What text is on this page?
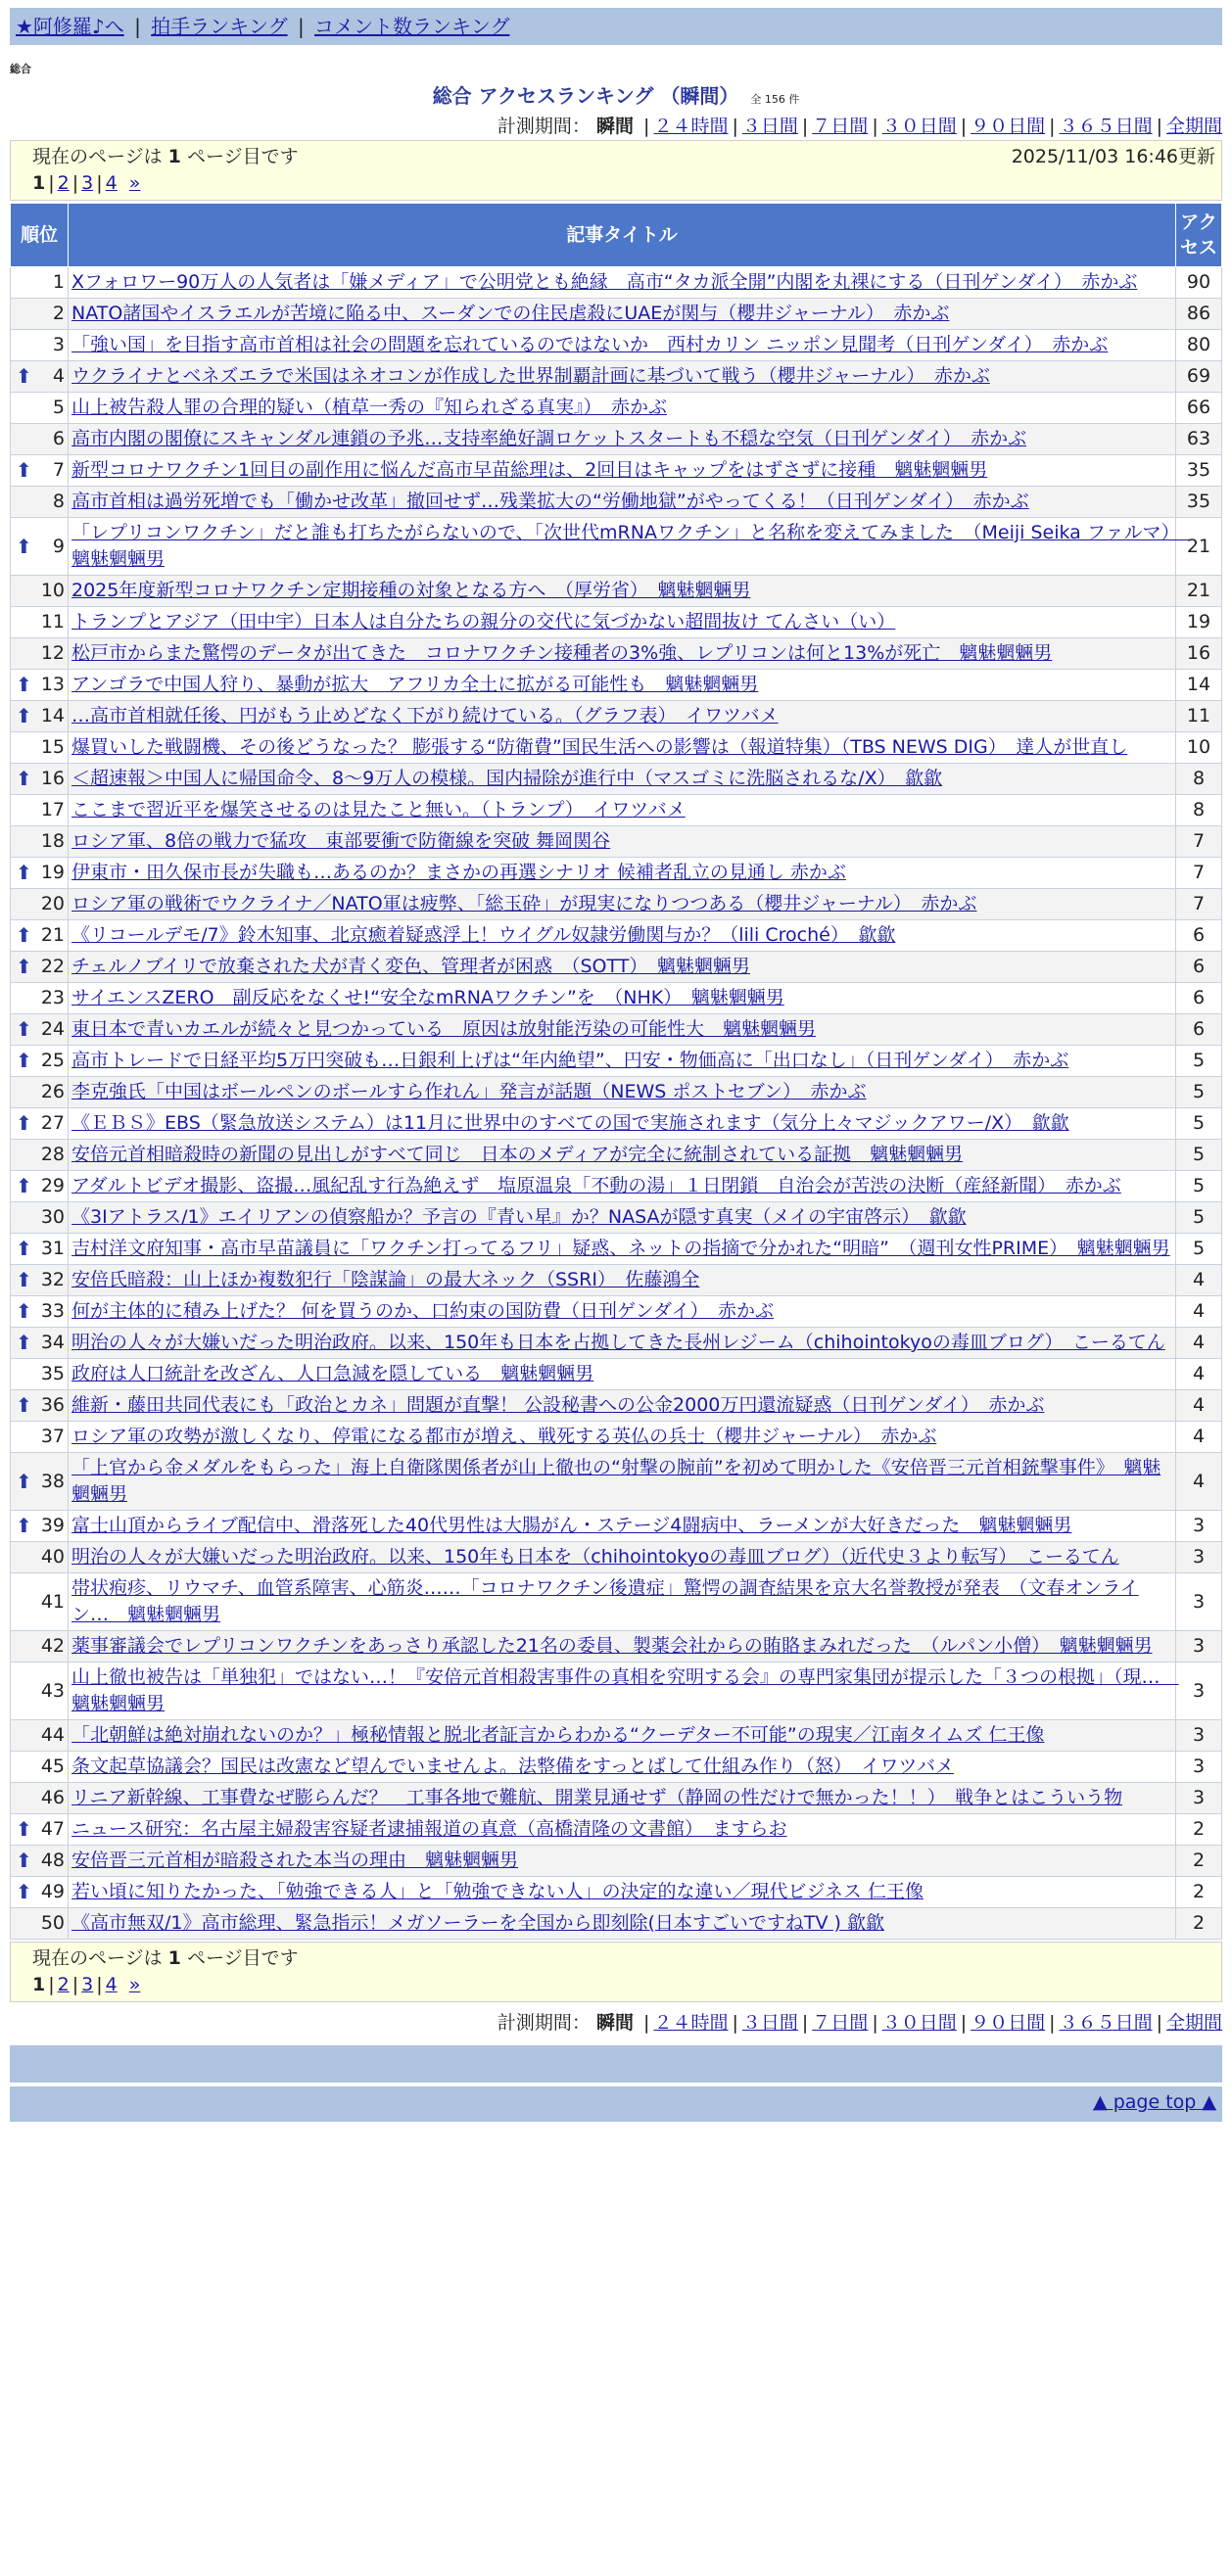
★阿修羅♪へ | 拍手ランキング | コメント数ランキング
総合
総合 アクセスランキング （瞬間） 全 156 件
計測期間： 瞬間 | ２４時間 | ３日間 | ７日間 | ３０日間 | ９０日間 | ３６５日間 | 全期間
現在のページは 1 ページ目です	2025/11/03 16:46更新
1 | 2 | 3 | 4 »
順位	記事タイトル	アクセス
1	Xフォロワー90万人の人気者は「嫌メディア」で公明党とも絶縁　高市“タカ派全開”内閣を丸裸にする（日刊ゲンダイ）　赤かぶ	90
2	NATO諸国やイスラエルが苦境に陥る中、スーダンでの住民虐殺にUAEが関与（櫻井ジャーナル）　赤かぶ	86
3	「強い国」を目指す高市首相は社会の問題を忘れているのではないか　西村カリン ニッポン見聞考（日刊ゲンダイ）　赤かぶ	80

⬆ 4	ウクライナとベネズエラで米国はネオコンが作成した世界制覇計画に基づいて戦う（櫻井ジャーナル）　赤かぶ	69
5	山上被告殺人罪の合理的疑い（植草一秀の『知られざる真実』）　赤かぶ	66
6	高市内閣の閣僚にスキャンダル連鎖の予兆…支持率絶好調ロケットスタートも不穏な空気（日刊ゲンダイ）　赤かぶ	63

⬆ 7	新型コロナワクチン1回目の副作用に悩んだ高市早苗総理は、2回目はキャップをはずさずに接種　魑魅魍魎男	35
8	高市首相は過労死増でも「働かせ改革」撤回せず…残業拡大の“労働地獄”がやってくる！（日刊ゲンダイ）　赤かぶ	35

⬆ 9	「レプリコンワクチン」だと誰も打ちたがらないので、「次世代mRNAワクチン」と名称を変えてみました　（Meiji Seika ファルマ）　魑魅魍魎男	21
10	2025年度新型コロナワクチン定期接種の対象となる方へ　（厚労省）　魑魅魍魎男	21
11	トランプとアジア（田中宇）日本人は自分たちの親分の交代に気づかない超間抜け てんさい（い）	19
12	松戸市からまた驚愕のデータが出てきた　コロナワクチン接種者の3%強、レプリコンは何と13%が死亡　魑魅魍魎男	16

⬆ 13	アンゴラで中国人狩り、暴動が拡大　アフリカ全土に拡がる可能性も　魑魅魍魎男	14

⬆ 14	…高市首相就任後、円がもう止めどなく下がり続けている。（グラフ表）　イワツバメ	11
15	爆買いした戦闘機、その後どうなった？ 膨張する“防衛費”国民生活への影響は（報道特集）（TBS NEWS DIG）　達人が世直し	10

⬆ 16	＜超速報＞中国人に帰国命令、8～9万人の模様。国内掃除が進行中（マスゴミに洗脳されるな/X）　歙歙	8
17	ここまで習近平を爆笑させるのは見たこと無い。（トランプ）　イワツバメ	8
18	ロシア軍、8倍の戦力で猛攻　東部要衝で防衛線を突破 舞岡関谷	7

⬆ 19	伊東市・田久保市長が失職も…あるのか？まさかの再選シナリオ 候補者乱立の見通し 赤かぶ	7
20	ロシア軍の戦術でウクライナ／NATO軍は疲弊、「総玉砕」が現実になりつつある（櫻井ジャーナル）　赤かぶ	7

⬆ 21	《リコールデモ/7》鈴木知事、北京癒着疑惑浮上！ウイグル奴隷労働関与か？（lili Croché）　歙歙	6

⬆ 22	チェルノブイリで放棄された犬が青く変色、管理者が困惑　（SOTT）　魑魅魍魎男	6
23	サイエンスZERO　副反応をなくせ!“安全なmRNAワクチン”を　（NHK）　魑魅魍魎男	6

⬆ 24	東日本で青いカエルが続々と見つかっている　原因は放射能汚染の可能性大　魑魅魍魎男	6

⬆ 25	高市トレードで日経平均5万円突破も…日銀利上げは“年内絶望”、円安・物価高に「出口なし」（日刊ゲンダイ）　赤かぶ	5
26	李克強氏「中国はボールペンのボールすら作れん」発言が話題（NEWS ポストセブン）　赤かぶ	5

⬆ 27	《ＥＢＳ》EBS（緊急放送システム）は11月に世界中のすべての国で実施されます（気分上々マジックアワー/X）　歙歙	5
28	安倍元首相暗殺時の新聞の見出しがすべて同じ　日本のメディアが完全に統制されている証拠　魑魅魍魎男	5

⬆ 29	アダルトビデオ撮影、盗撮…風紀乱す行為絶えず　塩原温泉「不動の湯」１日閉鎖　自治会が苦渋の決断（産経新聞）　赤かぶ	5
30	《3Iアトラス/1》エイリアンの偵察船か？予言の『青い星』か？NASAが隠す真実（メイの宇宙啓示）　歙歙	5

⬆ 31	吉村洋文府知事・高市早苗議員に「ワクチン打ってるフリ」疑惑、ネットの指摘で分かれた“明暗”　（週刊女性PRIME）　魑魅魍魎男	5

⬆ 32	安倍氏暗殺：山上ほか複数犯行「陰謀論」の最大ネック（SSRI）　佐藤鴻全	4

⬆ 33	何が主体的に積み上げた？ 何を買うのか、口約束の国防費（日刊ゲンダイ）　赤かぶ	4

⬆ 34	明治の人々が大嫌いだった明治政府。以来、150年も日本を占拠してきた長州レジーム（chihointokyoの毒皿ブログ）　こーるてん	4
35	政府は人口統計を改ざん、人口急減を隠している　魑魅魍魎男	4

⬆ 36	維新・藤田共同代表にも「政治とカネ」問題が直撃！ 公設秘書への公金2000万円還流疑惑（日刊ゲンダイ）　赤かぶ	4
37	ロシア軍の攻勢が激しくなり、停電になる都市が増え、戦死する英仏の兵士（櫻井ジャーナル）　赤かぶ	4

⬆ 38	「上官から金メダルをもらった」海上自衛隊関係者が山上徹也の“射撃の腕前”を初めて明かした《安倍晋三元首相銃撃事件》　魑魅魍魎男	4

⬆ 39	富士山頂からライブ配信中、滑落死した40代男性は大腸がん・ステージ4闘病中、ラーメンが大好きだった　魑魅魍魎男	3
40	明治の人々が大嫌いだった明治政府。以来、150年も日本を（chihointokyoの毒皿ブログ）（近代史３より転写）　こーるてん	3
41	帯状疱疹、リウマチ、血管系障害、心筋炎……「コロナワクチン後遺症」驚愕の調査結果を京大名誉教授が発表　（文春オンライン…　魑魅魍魎男	3
42	薬事審議会でレプリコンワクチンをあっさり承認した21名の委員、製薬会社からの賄賂まみれだった　（ルパン小僧）　魑魅魍魎男	3
43	山上徹也被告は「単独犯」ではない…！『安倍元首相殺害事件の真相を究明する会』の専門家集団が提示した「３つの根拠」（現…　魑魅魍魎男	3
44	「北朝鮮は絶対崩れないのか？」極秘情報と脱北者証言からわかる“クーデター不可能”の現実／江南タイムズ 仁王像	3
45	条文起草協議会？国民は改憲など望んでいませんよ。法整備をすっとばして仕組み作り（怒）　イワツバメ	3
46	リニア新幹線、工事費なぜ膨らんだ？　工事各地で難航、開業見通せず（静岡の性だけで無かった！！）　戦争とはこういう物	3

⬆ 47	ニュース研究：名古屋主婦殺害容疑者逮捕報道の真意（高橋清隆の文書館）　ますらお	2

⬆ 48	安倍晋三元首相が暗殺された本当の理由　魑魅魍魎男	2

⬆ 49	若い頃に知りたかった、「勉強できる人」と「勉強できない人」の決定的な違い／現代ビジネス 仁王像	2
50	《高市無双/1》高市総理、緊急指示！メガソーラーを全国から即刻除(日本すごいですねTV ) 歙歙	2
現在のページは 1 ページ目です
1 | 2 | 3 | 4 »
計測期間： 瞬間 | ２４時間 | ３日間 | ７日間 | ３０日間 | ９０日間 | ３６５日間 | 全期間
▲ page top ▲
